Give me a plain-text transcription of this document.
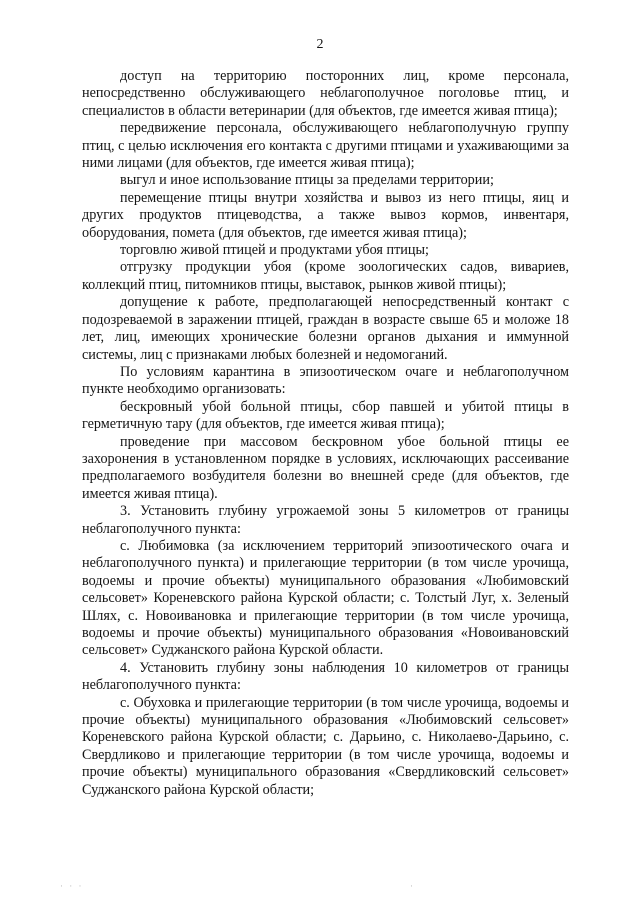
2

доступ на территорию посторонних лиц, кроме персонала, непосредственно обслуживающего неблагополучное поголовье птиц, и специалистов в области ветеринарии (для объектов, где имеется живая птица);

передвижение персонала, обслуживающего неблагополучную группу птиц, с целью исключения его контакта с другими птицами и ухаживающими за ними лицами (для объектов, где имеется живая птица);

выгул и иное использование птицы за пределами территории;

перемещение птицы внутри хозяйства и вывоз из него птицы, яиц и других продуктов птицеводства, а также вывоз кормов, инвентаря, оборудования, помета (для объектов, где имеется живая птица);

торговлю живой птицей и продуктами убоя птицы;

отгрузку продукции убоя (кроме зоологических садов, вивариев, коллекций птиц, питомников птицы, выставок, рынков живой птицы);

допущение к работе, предполагающей непосредственный контакт с подозреваемой в заражении птицей, граждан в возрасте свыше 65 и моложе 18 лет, лиц, имеющих хронические болезни органов дыхания и иммунной системы, лиц с признаками любых болезней и недомоганий.

По условиям карантина в эпизоотическом очаге и неблагополучном пункте необходимо организовать:

бескровный убой больной птицы, сбор павшей и убитой птицы в герметичную тару (для объектов, где имеется живая птица);

проведение при массовом бескровном убое больной птицы ее захоронения в установленном порядке в условиях, исключающих рассеивание предполагаемого возбудителя болезни во внешней среде (для объектов, где имеется живая птица).

3. Установить глубину угрожаемой зоны 5 километров от границы неблагополучного пункта:

с. Любимовка (за исключением территорий эпизоотического очага и неблагополучного пункта) и прилегающие территории (в том числе урочища, водоемы и прочие объекты) муниципального образования «Любимовский сельсовет» Кореневского района Курской области; с. Толстый Луг, х. Зеленый Шлях, с. Новоивановка и прилегающие территории (в том числе урочища, водоемы и прочие объекты) муниципального образования «Новоивановский сельсовет» Суджанского района Курской области.

4. Установить глубину зоны наблюдения 10 километров от границы неблагополучного пункта:

с. Обуховка и прилегающие территории (в том числе урочища, водоемы и прочие объекты) муниципального образования «Любимовский сельсовет» Кореневского района Курской области; с. Дарьино, с. Николаево-Дарьино, с. Свердликово и прилегающие территории (в том числе урочища, водоемы и прочие объекты) муниципального образования «Свердликовский сельсовет» Суджанского района Курской области;

· · ·	·
